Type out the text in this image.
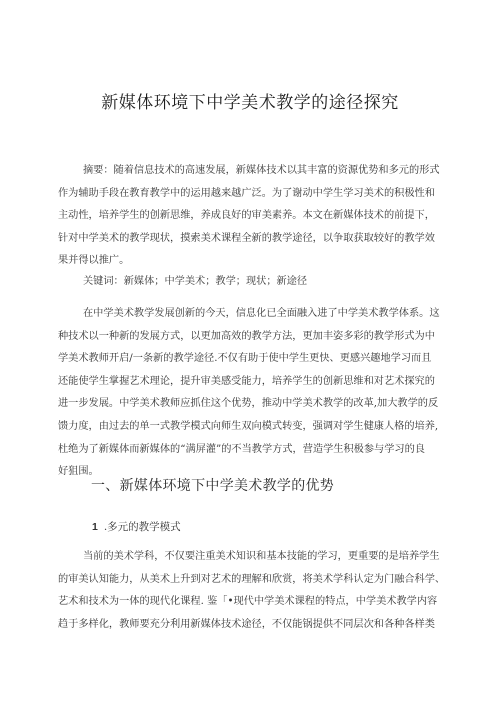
新媒体环境下中学美术教学的途径探究
摘要：随着信息技术的高速发展，新媒体技术以其丰富的资源优势和多元的形式
作为辅助手段在教育教学中的运用越来越广泛。为了谢动中学生学习美术的积极性和
主动性，培养学生的创新思维，养成良好的审美素养。本文在新媒体技术的前提下，
针对中学美术的教学现状，摸索美术课程全新的教学途径，以争取获取较好的教学效
果并得以推广。
关键词：新媒体；中学美术；教学；现状；新途径
在中学美术教学发展创新的今天，信息化已全面融入进了中学美术教学体系。这
种技术以一种新的发展方式，以更加高效的教学方法，更加丰姿多彩的教学形式为中
学美术教师开启/一条新的教学途径.不仅有助于使中学生更快、更感兴趣地学习而且
还能使学生掌握艺术理论，提升审美感受能力，培养学生的创新思维和对艺术探究的
进一步发展。中学美术教师应抓住这个优势，推动中学美术教学的改革,加大教学的反
馈力度，由过去的单一式教学模式向师生双向模式转变，强调对学生健康人格的培养,
杜绝为了新媒体而新媒体的“满屏灌”的不当教学方式，营造学生积极参与学习的良
好狙围。
一、新媒体环境下中学美术教学的优势
1 .多元的教学模式
当前的美术学科，不仅要注重美术知识和基本技能的学习，更重要的是培养学生
的审美认知能力，从美术上升到对艺术的理解和欣赏，将美术学科认定为门融合科学、
艺术和技术为一体的现代化课程. 鉴「•现代中学美术课程的特点，中学美术教学内容
趋于多样化，教师要充分利用新媒体技术途径，不仅能锅提供不同层次和各种各样类
